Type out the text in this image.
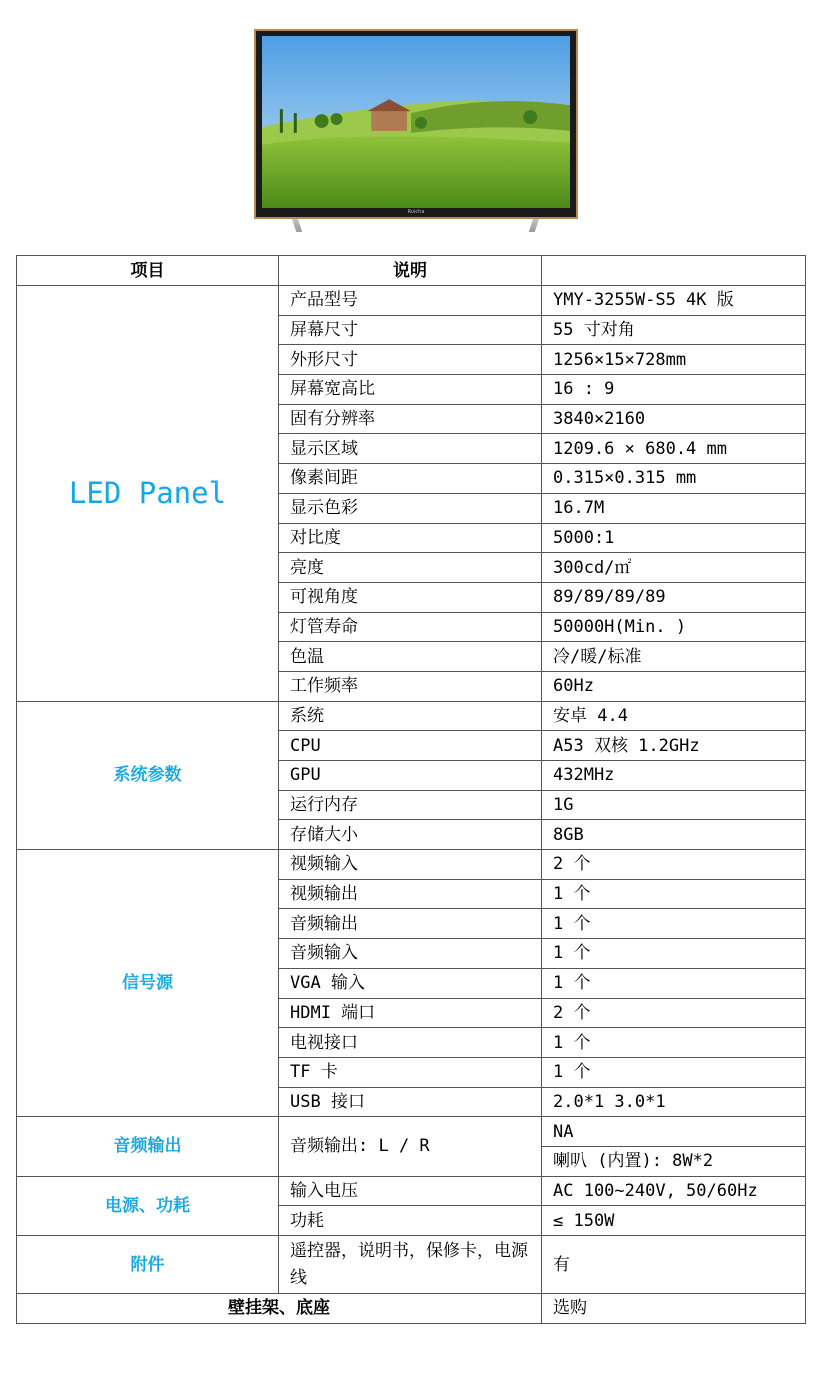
Ruicha
项目	说明	
LED Panel	产品型号	YMY-3255W-S5 4K 版
	屏幕尺寸	55 寸对角
	外形尺寸	1256×15×728mm
	屏幕宽高比	16 : 9
	固有分辨率	3840×2160
	显示区域	1209.6 × 680.4 mm
	像素间距	0.315×0.315 mm
	显示色彩	16.7M
	对比度	5000:1
	亮度	300cd/㎡
	可视角度	89/89/89/89
	灯管寿命	50000H(Min. )
	色温	冷/暖/标准
	工作频率	60Hz
系统参数	系统	安卓 4.4
	CPU	A53 双核 1.2GHz
	GPU	432MHz
	运行内存	1G
	存储大小	8GB
信号源	视频输入	2 个
	视频输出	1 个
	音频输出	1 个
	音频输入	1 个
	VGA 输入	1 个
	HDMI 端口	2 个
	电视接口	1 个
	TF 卡	1 个
	USB 接口	2.0*1 3.0*1
音频输出	音频输出: L / R	NA
		喇叭 (内置): 8W*2
电源、功耗	输入电压	AC 100~240V, 50/60Hz
	功耗	≤ 150W
附件	遥控器，说明书，保修卡，电源线	有
壁挂架、底座		选购
